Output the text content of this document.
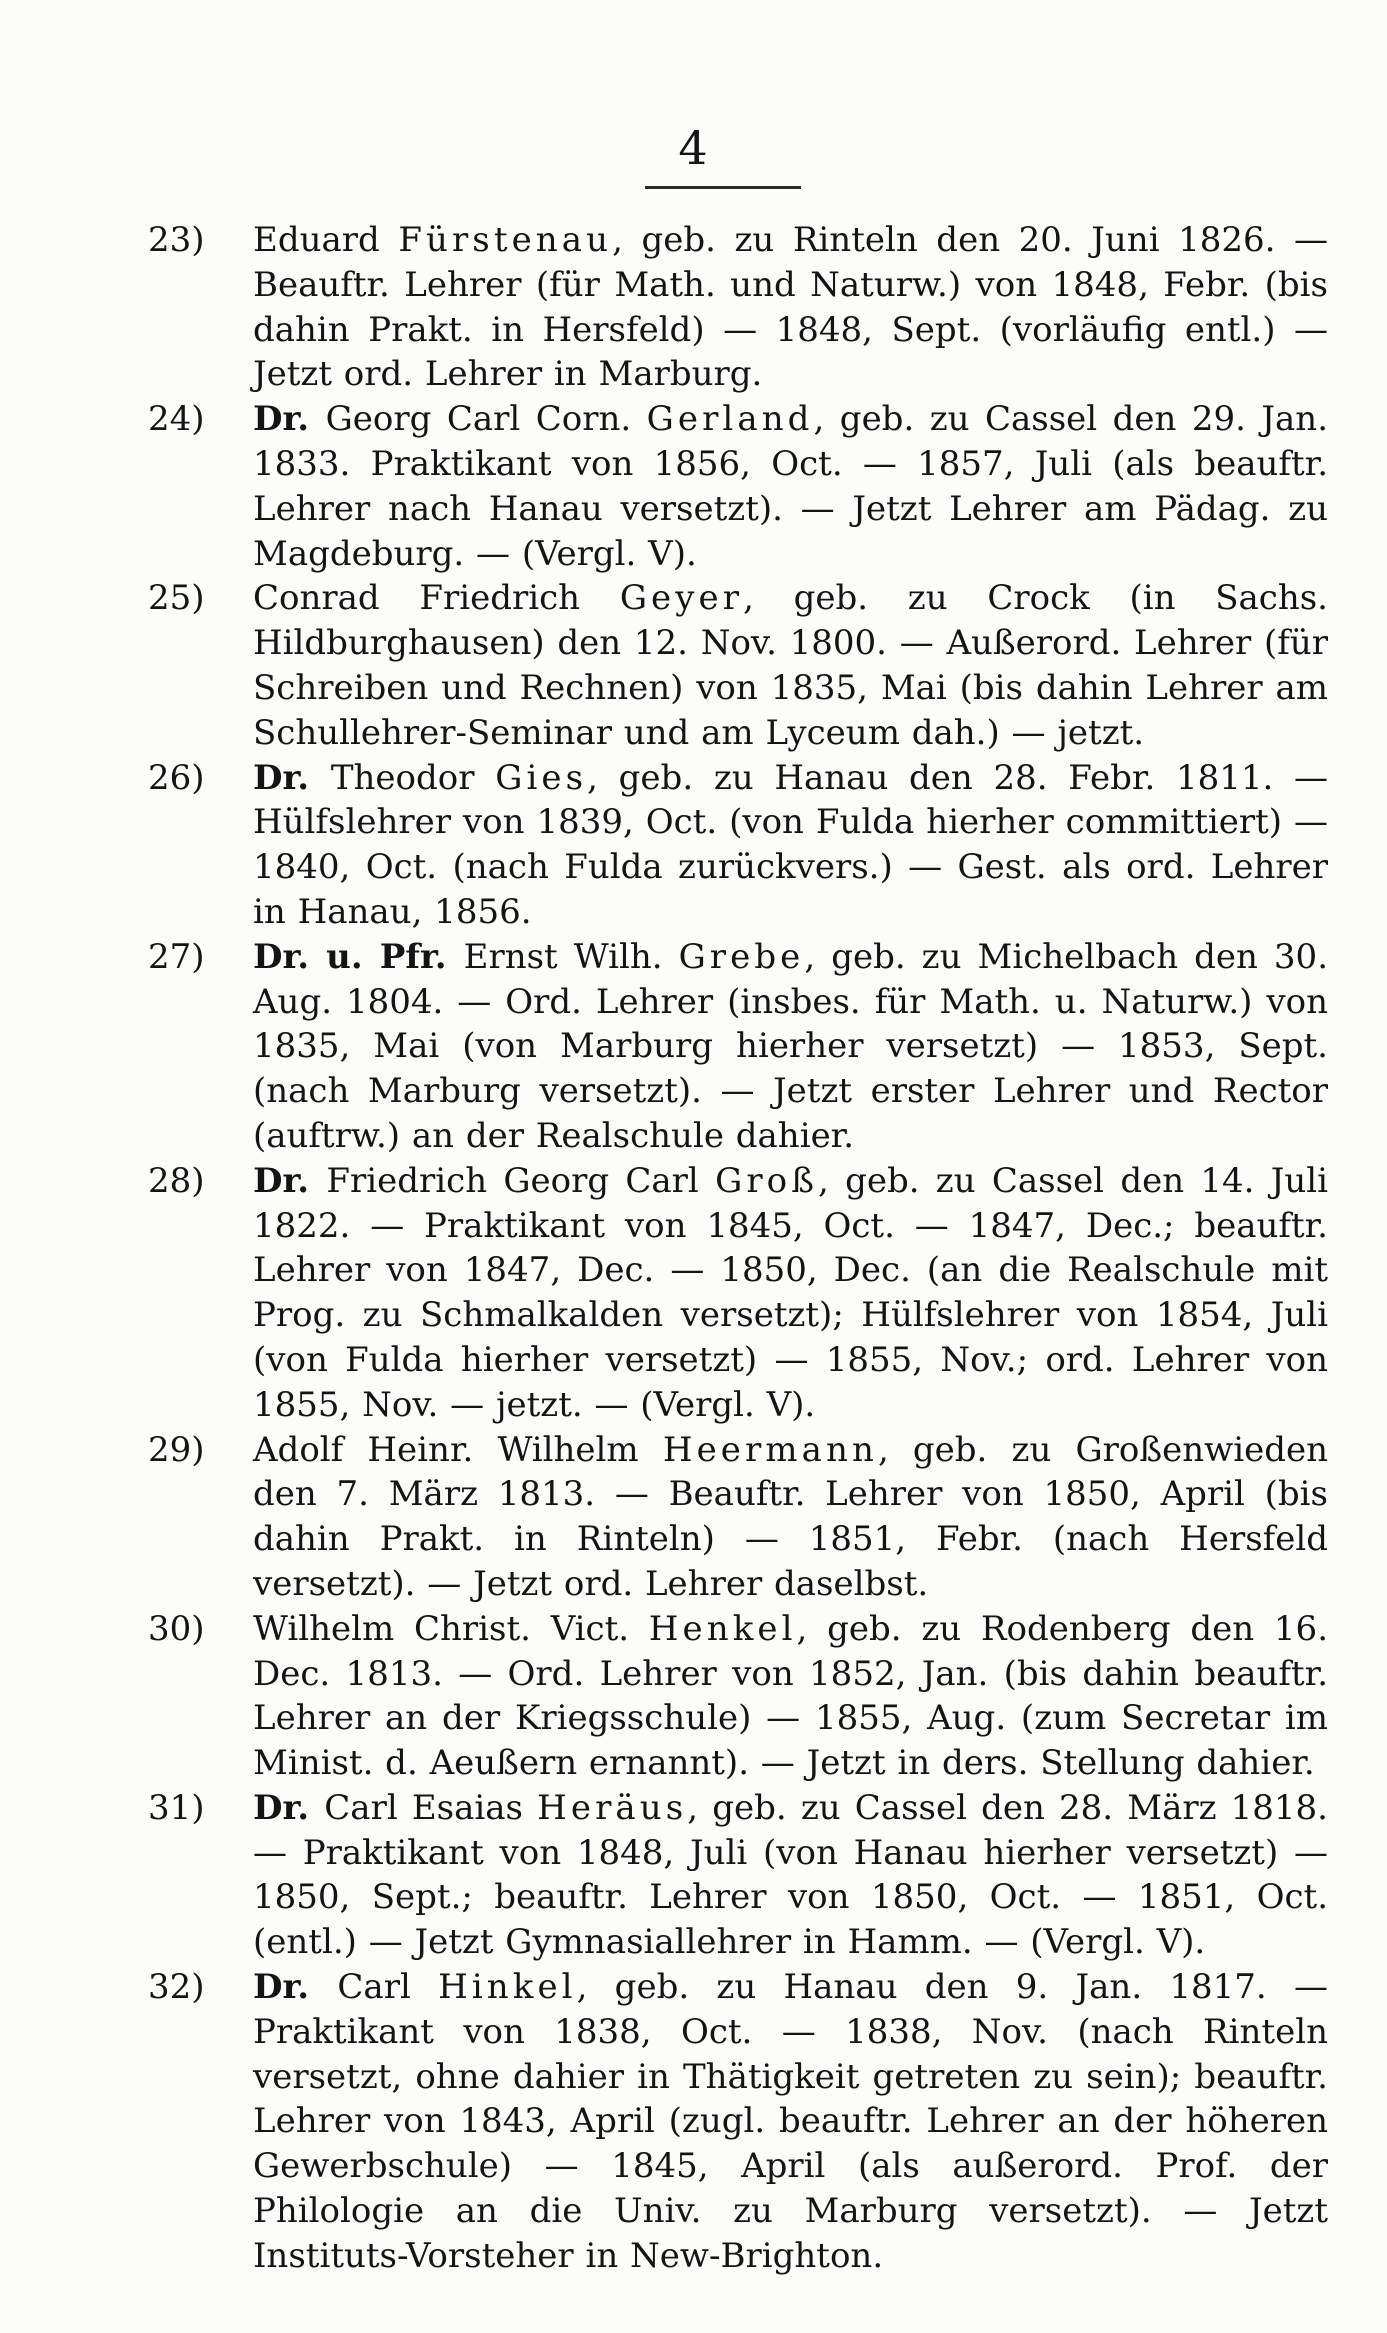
4
23)	Eduard Fürstenau, geb. zu Rinteln den 20. Juni 1826. — Beauftr. Lehrer (für Math. und Naturw.) von 1848, Febr. (bis dahin Prakt. in Hersfeld) — 1848, Sept. (vorläufig entl.) — Jetzt ord. Lehrer in Marburg.
24)	Dr. Georg Carl Corn. Gerland, geb. zu Cassel den 29. Jan. 1833. Praktikant von 1856, Oct. — 1857, Juli (als beauftr. Lehrer nach Hanau versetzt). — Jetzt Lehrer am Pädag. zu Magdeburg. — (Vergl. V).
25)	Conrad Friedrich Geyer, geb. zu Crock (in Sachs. Hildburghausen) den 12. Nov. 1800. — Außerord. Lehrer (für Schreiben und Rechnen) von 1835, Mai (bis dahin Lehrer am Schullehrer-Seminar und am Lyceum dah.) — jetzt.
26)	Dr. Theodor Gies, geb. zu Hanau den 28. Febr. 1811. — Hülfslehrer von 1839, Oct. (von Fulda hierher committiert) — 1840, Oct. (nach Fulda zurückvers.) — Gest. als ord. Lehrer in Hanau, 1856.
27)	Dr. u. Pfr. Ernst Wilh. Grebe, geb. zu Michelbach den 30. Aug. 1804. — Ord. Lehrer (insbes. für Math. u. Naturw.) von 1835, Mai (von Marburg hierher versetzt) — 1853, Sept. (nach Marburg versetzt). — Jetzt erster Lehrer und Rector (auftrw.) an der Realschule dahier.
28)	Dr. Friedrich Georg Carl Groß, geb. zu Cassel den 14. Juli 1822. — Praktikant von 1845, Oct. — 1847, Dec.; beauftr. Lehrer von 1847, Dec. — 1850, Dec. (an die Realschule mit Prog. zu Schmalkalden versetzt); Hülfslehrer von 1854, Juli (von Fulda hierher versetzt) — 1855, Nov.; ord. Lehrer von 1855, Nov. — jetzt. — (Vergl. V).
29)	Adolf Heinr. Wilhelm Heermann, geb. zu Großenwieden den 7. März 1813. — Beauftr. Lehrer von 1850, April (bis dahin Prakt. in Rinteln) — 1851, Febr. (nach Hersfeld versetzt). — Jetzt ord. Lehrer daselbst.
30)	Wilhelm Christ. Vict. Henkel, geb. zu Rodenberg den 16. Dec. 1813. — Ord. Lehrer von 1852, Jan. (bis dahin beauftr. Lehrer an der Kriegsschule) — 1855, Aug. (zum Secretar im Minist. d. Aeußern ernannt). — Jetzt in ders. Stellung dahier.
31)	Dr. Carl Esaias Heräus, geb. zu Cassel den 28. März 1818. — Praktikant von 1848, Juli (von Hanau hierher versetzt) — 1850, Sept.; beauftr. Lehrer von 1850, Oct. — 1851, Oct. (entl.) — Jetzt Gymnasiallehrer in Hamm. — (Vergl. V).
32)	Dr. Carl Hinkel, geb. zu Hanau den 9. Jan. 1817. — Praktikant von 1838, Oct. — 1838, Nov. (nach Rinteln versetzt, ohne dahier in Thätigkeit getreten zu sein); beauftr. Lehrer von 1843, April (zugl. beauftr. Lehrer an der höheren Gewerbschule) — 1845, April (als außerord. Prof. der Philologie an die Univ. zu Marburg versetzt). — Jetzt Instituts-Vorsteher in New-Brighton.
